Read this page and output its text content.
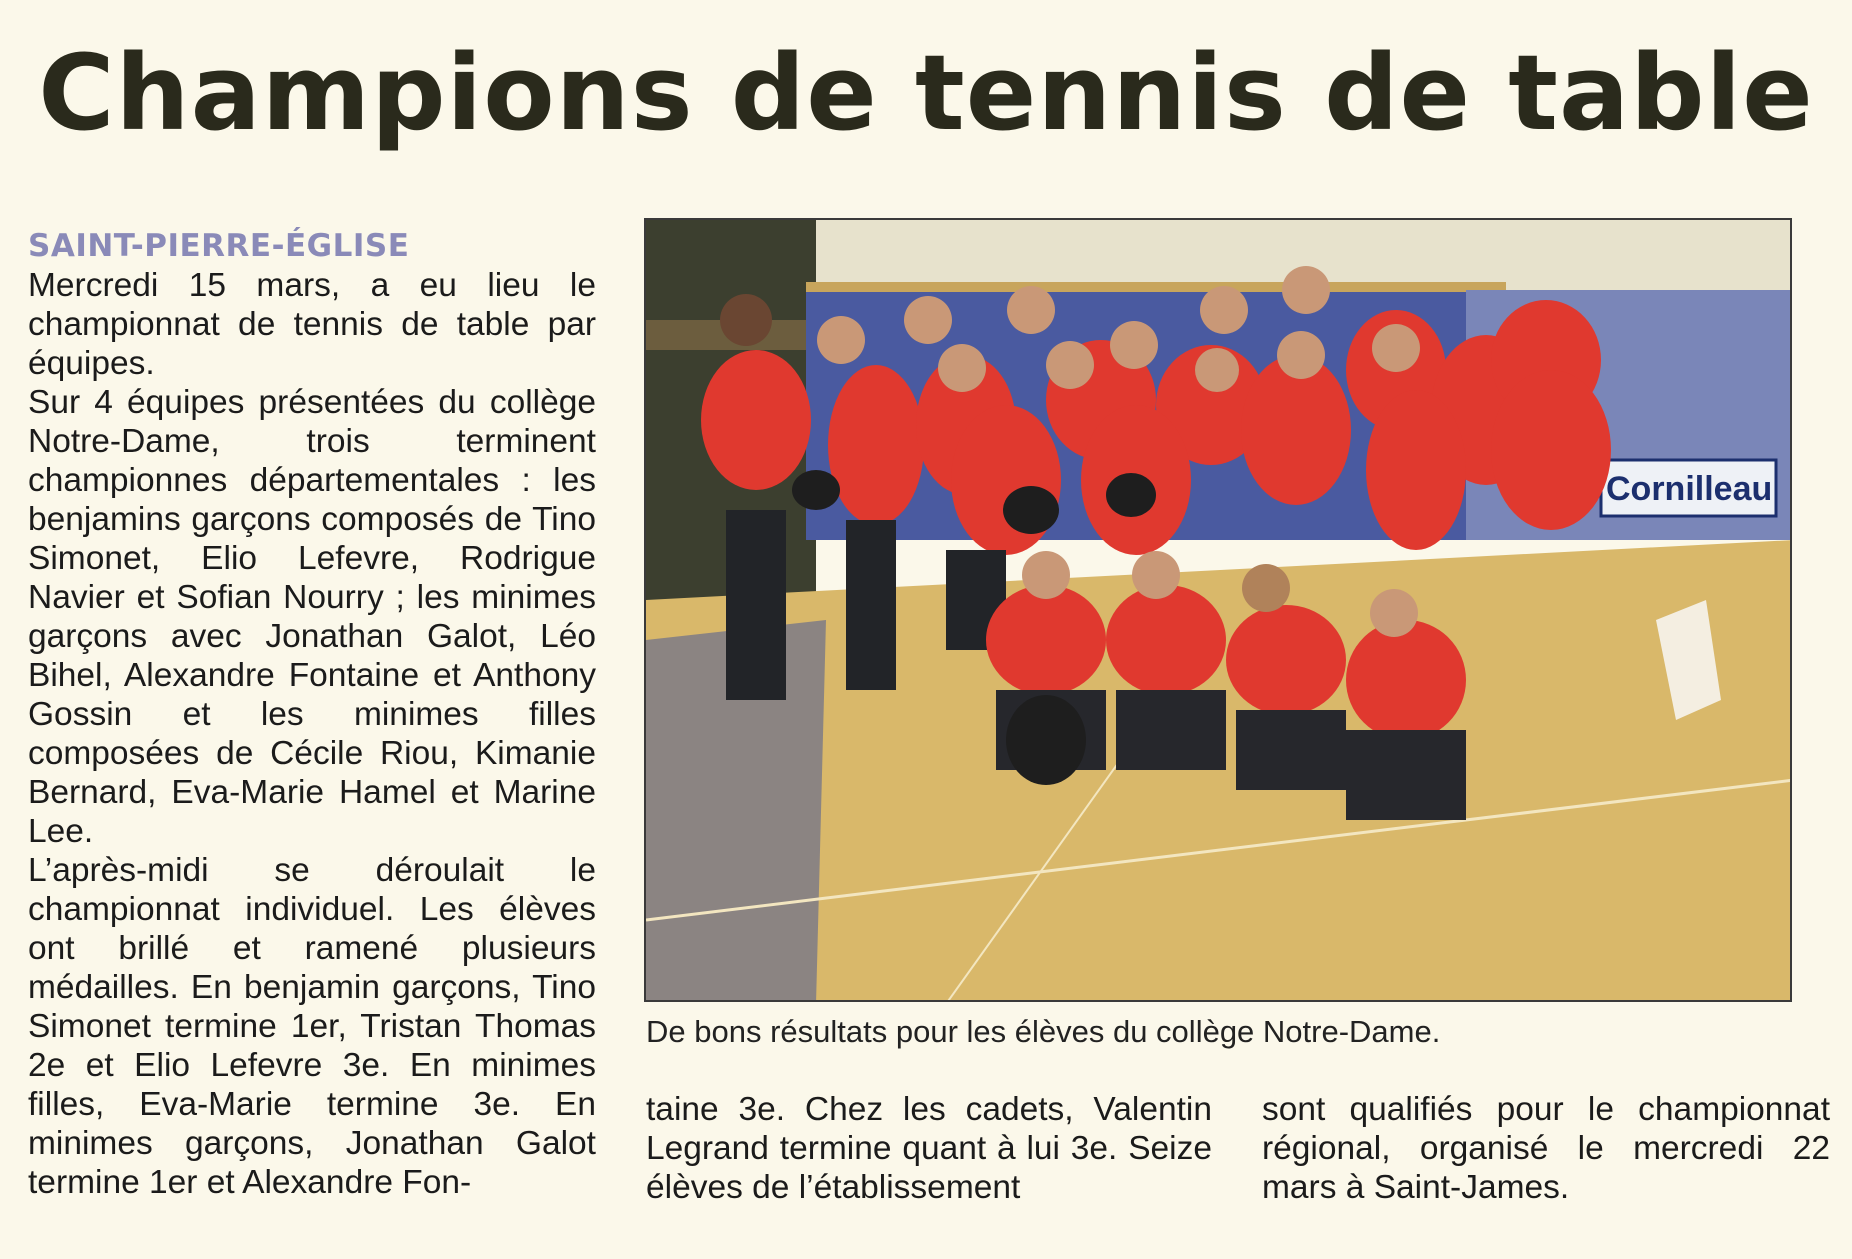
Champions de tennis de table
SAINT-PIERRE-ÉGLISE

Mercredi 15 mars, a eu lieu le championnat de tennis de table par équipes.

Sur 4 équipes présentées du collège Notre-Dame, trois terminent championnes départementales : les benjamins garçons composés de Tino Simonet, Elio Lefevre, Rodrigue Navier et Sofian Nourry ; les minimes garçons avec Jonathan Galot, Léo Bihel, Alexandre Fontaine et Anthony Gossin et les minimes filles composées de Cécile Riou, Kimanie Bernard, Eva-Marie Hamel et Marine Lee.

L’après-midi se déroulait le championnat individuel. Les élèves ont brillé et ramené plusieurs médailles. En benjamin garçons, Tino Simonet termine 1er, Tristan Thomas 2e et Elio Lefevre 3e. En minimes filles, Eva-Marie termine 3e. En minimes garçons, Jonathan Galot termine 1er et Alexandre Fon-

Cornilleau
De bons résultats pour les élèves du collège Notre-Dame.

taine 3e. Chez les cadets, Valentin Legrand termine quant à lui 3e. Seize élèves de l’établissement

sont qualifiés pour le championnat régional, organisé le mercredi 22 mars à Saint-James.
